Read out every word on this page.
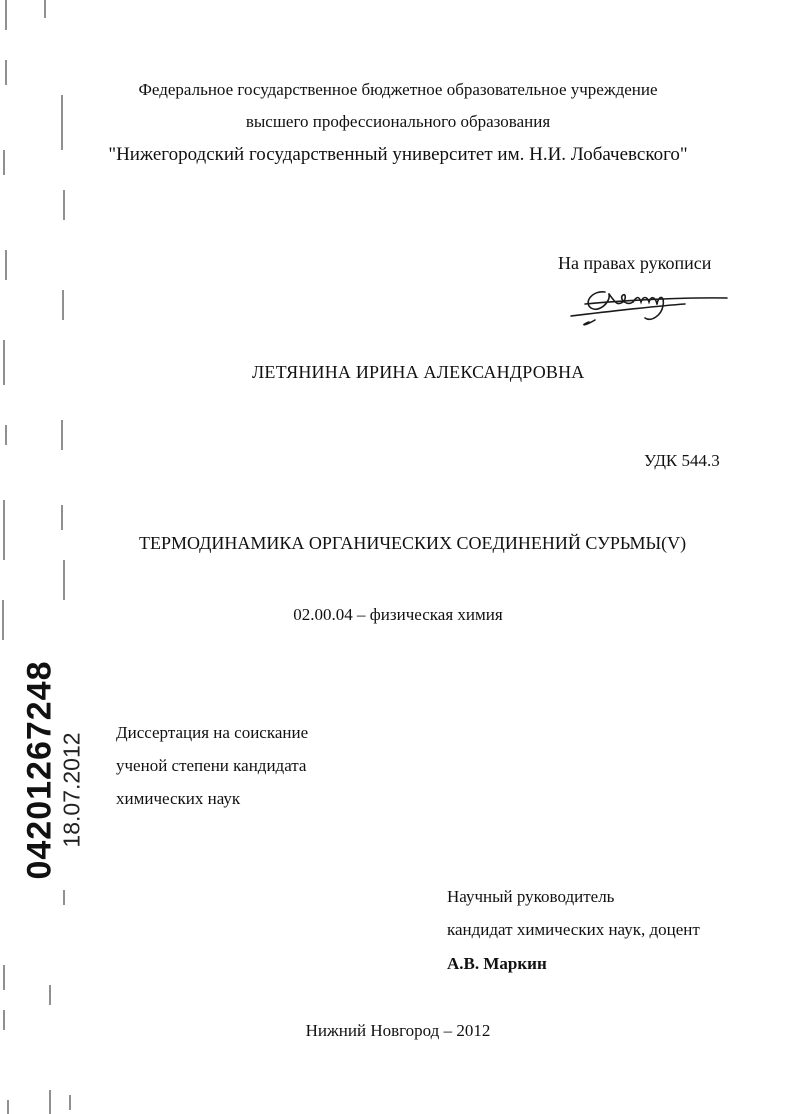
Федеральное государственное бюджетное образовательное учреждение
высшего профессионального образования
"Нижегородский государственный университет им. Н.И. Лобачевского"
На правах рукописи
ЛЕТЯНИНА ИРИНА АЛЕКСАНДРОВНА
УДК 544.3
ТЕРМОДИНАМИКА ОРГАНИЧЕСКИХ СОЕДИНЕНИЙ СУРЬМЫ(V)
02.00.04 – физическая химия
Диссертация на соискание
ученой степени кандидата
химических наук
Научный руководитель
кандидат химических наук, доцент
А.В. Маркин
Нижний Новгород – 2012
04201267248 18.07.2012
